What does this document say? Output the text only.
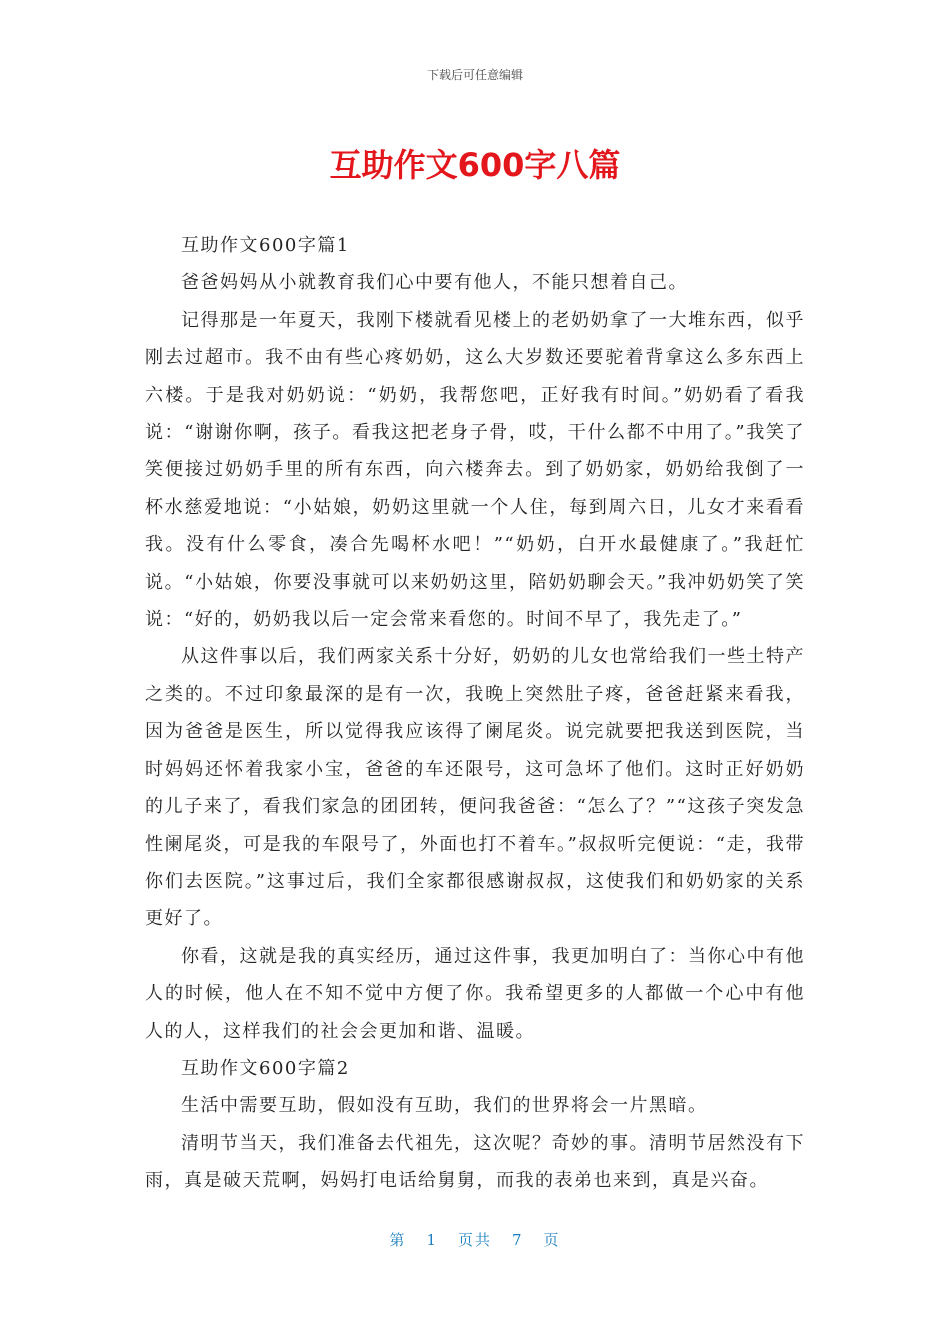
下载后可任意编辑
互助作文600字八篇

互助作文600字篇1

爸爸妈妈从小就教育我们心中要有他人，不能只想着自己。

记得那是一年夏天，我刚下楼就看见楼上的老奶奶拿了一大堆东西，似乎刚去过超市。我不由有些心疼奶奶，这么大岁数还要驼着背拿这么多东西上六楼。于是我对奶奶说：“奶奶，我帮您吧，正好我有时间。”奶奶看了看我说：“谢谢你啊，孩子。看我这把老身子骨，哎，干什么都不中用了。”我笑了笑便接过奶奶手里的所有东西，向六楼奔去。到了奶奶家，奶奶给我倒了一杯水慈爱地说：“小姑娘，奶奶这里就一个人住，每到周六日，儿女才来看看我。没有什么零食，凑合先喝杯水吧！”“奶奶，白开水最健康了。”我赶忙说。“小姑娘，你要没事就可以来奶奶这里，陪奶奶聊会天。”我冲奶奶笑了笑说：“好的，奶奶我以后一定会常来看您的。时间不早了，我先走了。”

从这件事以后，我们两家关系十分好，奶奶的儿女也常给我们一些土特产之类的。不过印象最深的是有一次，我晚上突然肚子疼，爸爸赶紧来看我，因为爸爸是医生，所以觉得我应该得了阑尾炎。说完就要把我送到医院，当时妈妈还怀着我家小宝，爸爸的车还限号，这可急坏了他们。这时正好奶奶的儿子来了，看我们家急的团团转，便问我爸爸：“怎么了？”“这孩子突发急性阑尾炎，可是我的车限号了，外面也打不着车。”叔叔听完便说：“走，我带你们去医院。”这事过后，我们全家都很感谢叔叔，这使我们和奶奶家的关系更好了。

你看，这就是我的真实经历，通过这件事，我更加明白了：当你心中有他人的时候，他人在不知不觉中方便了你。我希望更多的人都做一个心中有他人的人，这样我们的社会会更加和谐、温暖。

互助作文600字篇2

生活中需要互助，假如没有互助，我们的世界将会一片黑暗。

清明节当天，我们准备去代祖先，这次呢？奇妙的事。清明节居然没有下雨，真是破天荒啊，妈妈打电话给舅舅，而我的表弟也来到，真是兴奋。

第 1 页共 7 页
